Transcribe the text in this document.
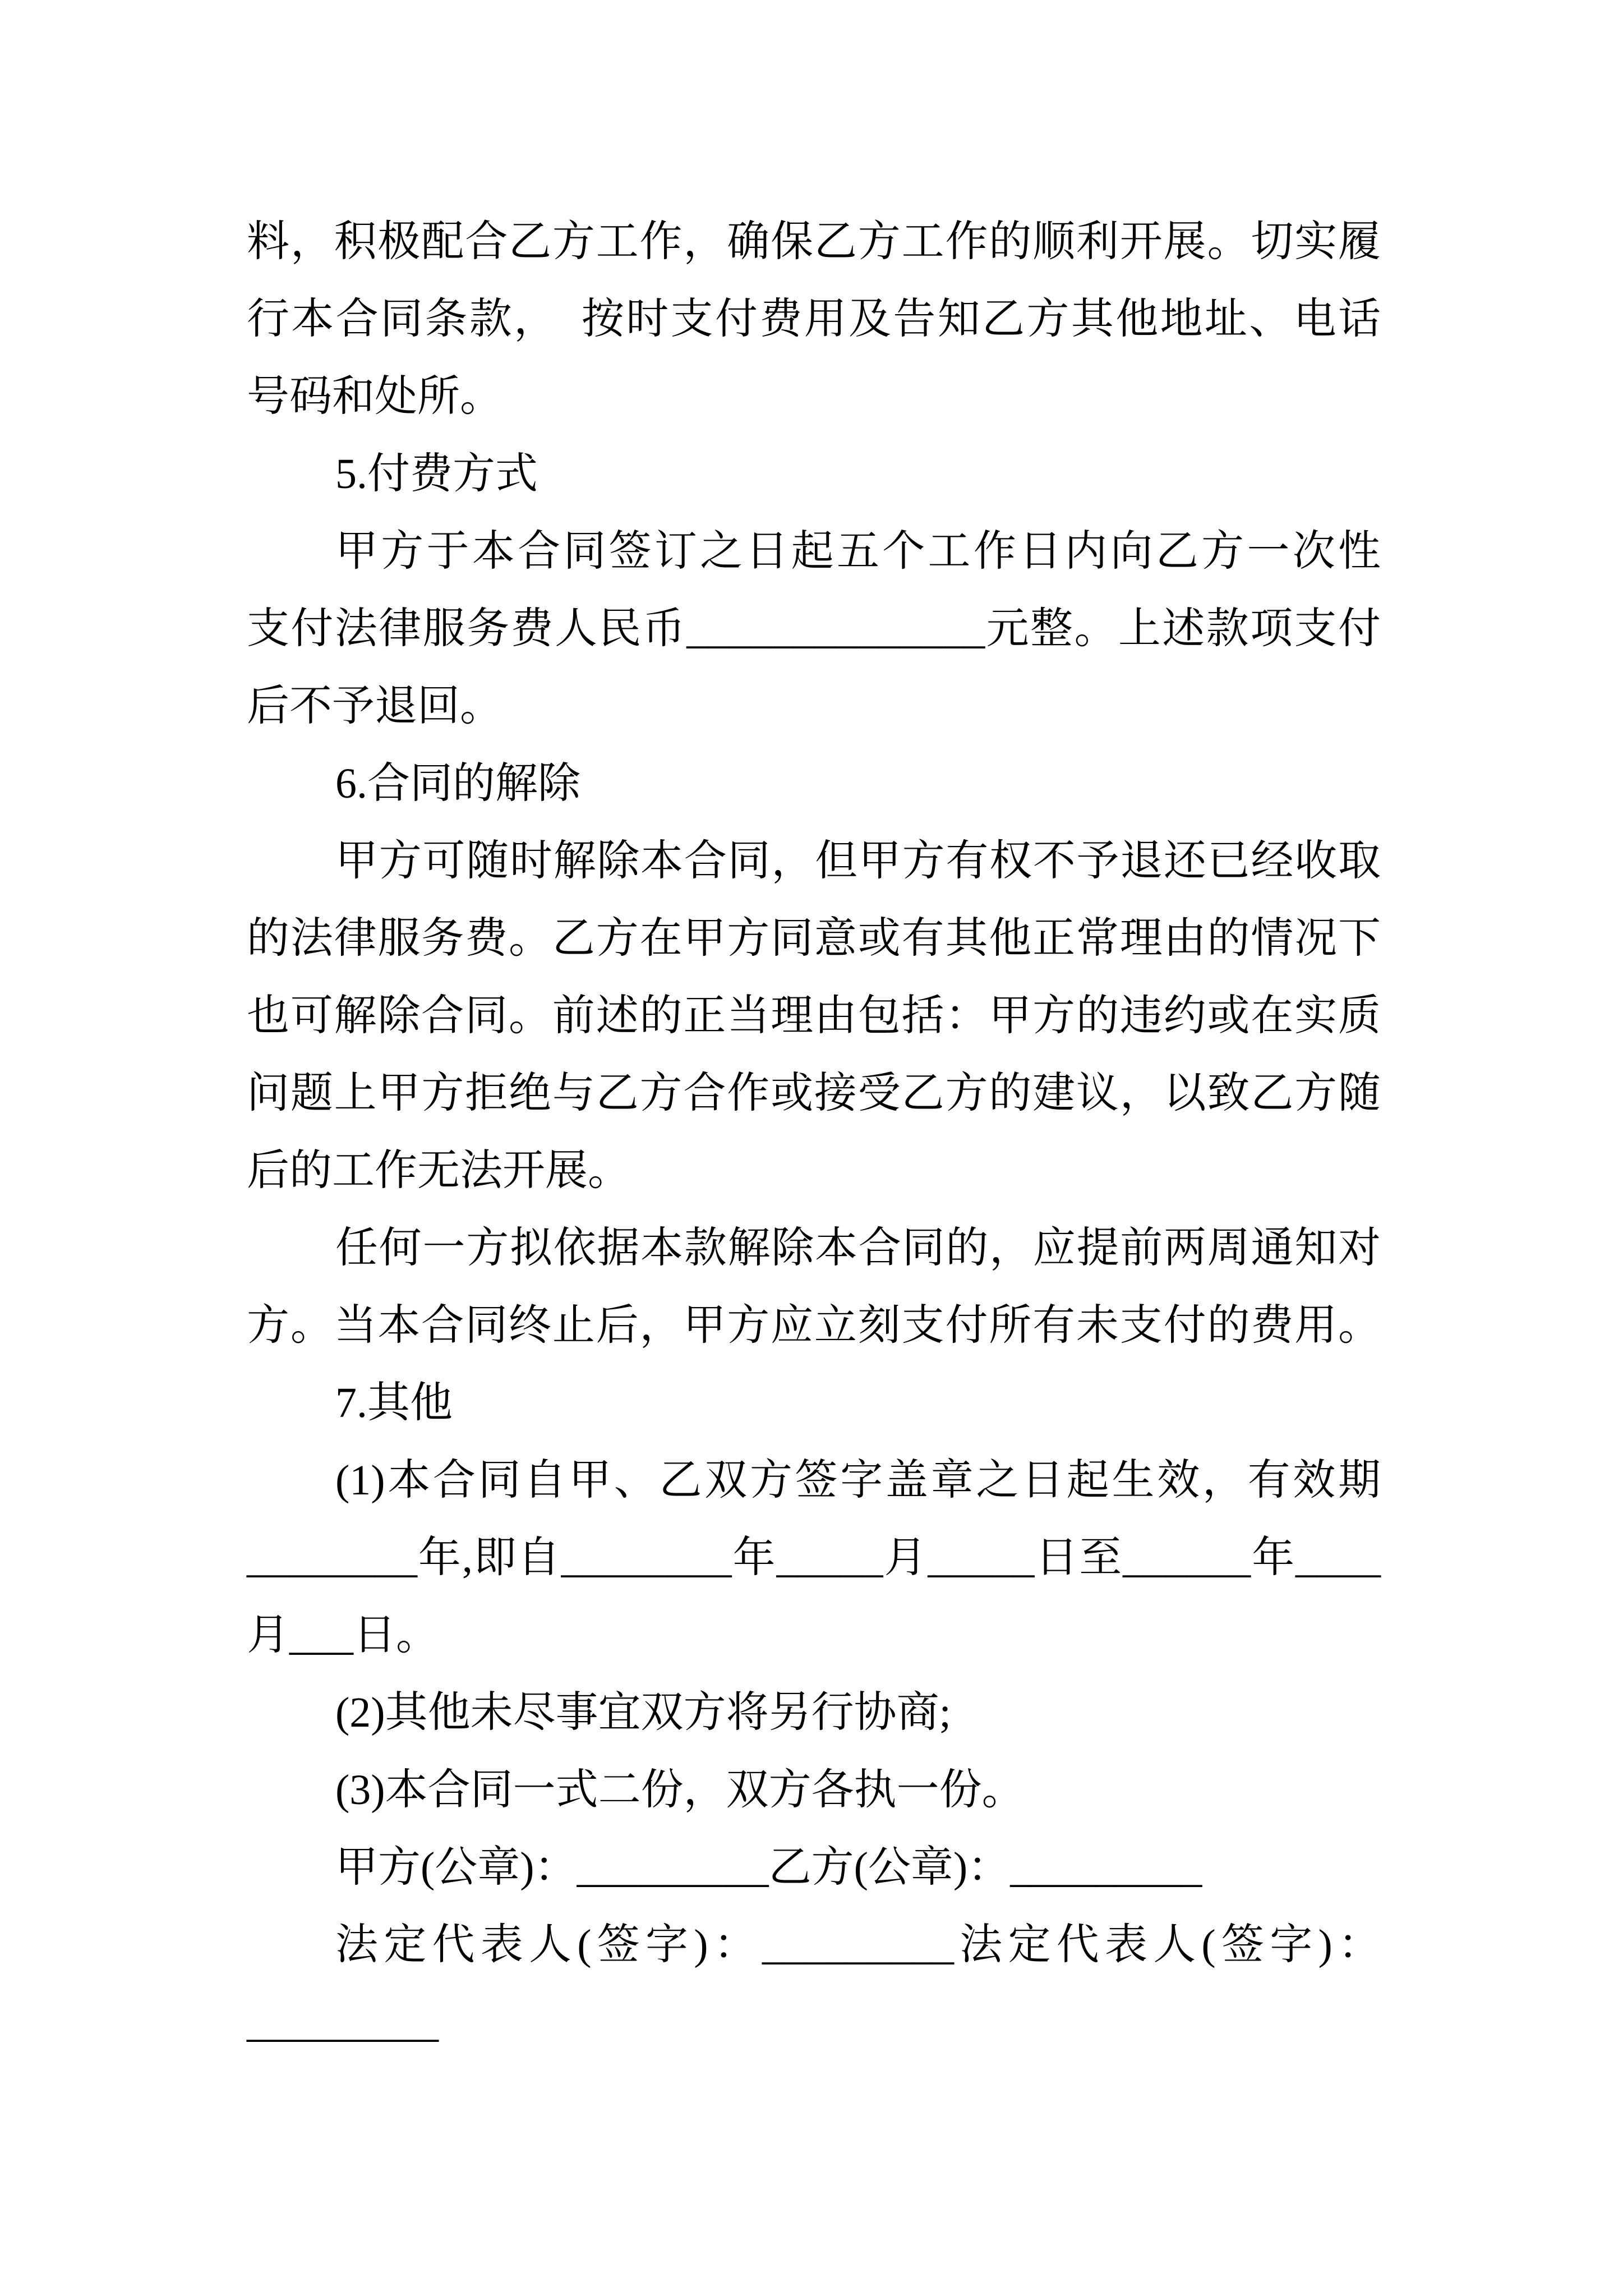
料，积极配合乙方工作，确保乙方工作的顺利开展。切实履
行本合同条款，　按时支付费用及告知乙方其他地址、电话
号码和处所。
5.付费方式
甲方于本合同签订之日起五个工作日内向乙方一次性
支付法律服务费人民币______________元整。上述款项支付
后不予退回。
6.合同的解除
甲方可随时解除本合同，但甲方有权不予退还已经收取
的法律服务费。乙方在甲方同意或有其他正常理由的情况下
也可解除合同。前述的正当理由包括：甲方的违约或在实质
问题上甲方拒绝与乙方合作或接受乙方的建议，以致乙方随
后的工作无法开展。
任何一方拟依据本款解除本合同的，应提前两周通知对
方。当本合同终止后，甲方应立刻支付所有未支付的费用。
7.其他
(1)本合同自甲、乙双方签字盖章之日起生效，有效期
________年,即自________年_____月_____日至______年____
月___日。
(2)其他未尽事宜双方将另行协商;
(3)本合同一式二份，双方各执一份。
甲方(公章)：_________乙方(公章)：_________
法定代表人(签字)：_________法定代表人(签字)：
_________
